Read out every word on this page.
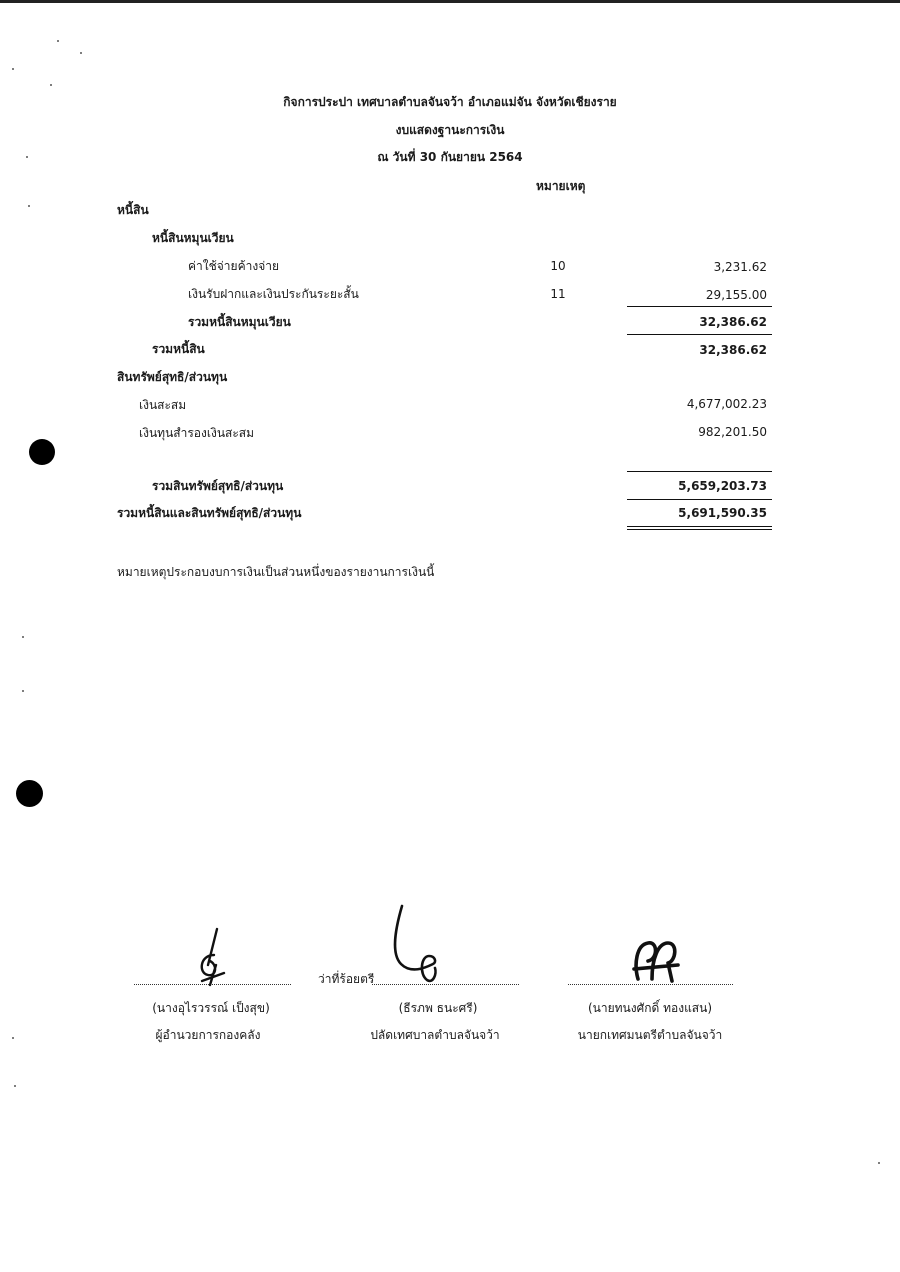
กิจการประปา เทศบาลตำบลจันจว้า อำเภอแม่จัน จังหวัดเชียงราย
งบแสดงฐานะการเงิน
ณ วันที่ 30 กันยายน 2564
หมายเหตุ
หนี้สิน
หนี้สินหมุนเวียน
ค่าใช้จ่ายค้างจ่าย	10	3,231.62
เงินรับฝากและเงินประกันระยะสั้น	11	29,155.00
รวมหนี้สินหมุนเวียน	32,386.62
รวมหนี้สิน	32,386.62
สินทรัพย์สุทธิ/ส่วนทุน
เงินสะสม	4,677,002.23
เงินทุนสำรองเงินสะสม	982,201.50
รวมสินทรัพย์สุทธิ/ส่วนทุน	5,659,203.73
รวมหนี้สินและสินทรัพย์สุทธิ/ส่วนทุน	5,691,590.35
หมายเหตุประกอบงบการเงินเป็นส่วนหนึ่งของรายงานการเงินนี้
(นางอุไรวรรณ์ เป็งสุข)
ผู้อำนวยการกองคลัง
ว่าที่ร้อยตรี
(ธีรภพ ธนะศรี)
ปลัดเทศบาลตำบลจันจว้า
(นายทนงศักดิ์ ทองแสน)
นายกเทศมนตรีตำบลจันจว้า
